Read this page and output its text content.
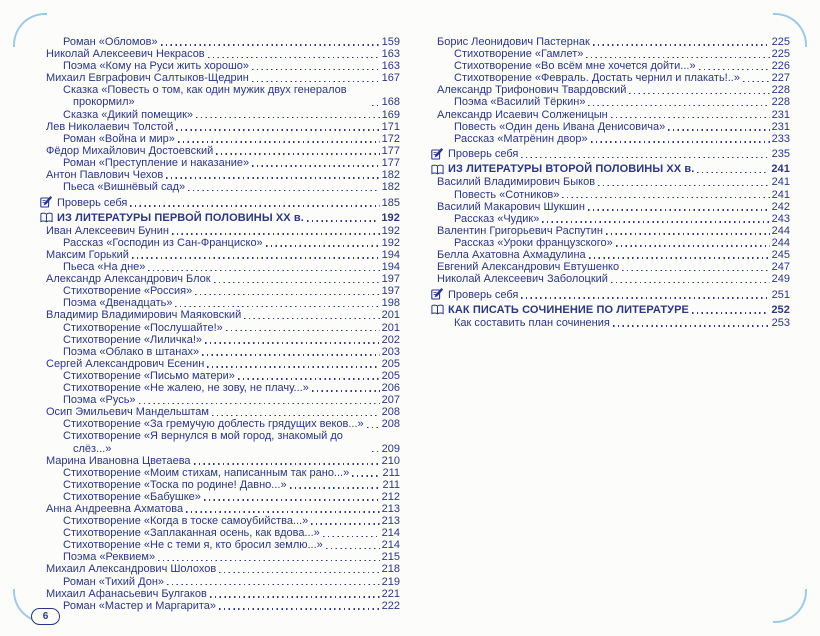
Роман «Обломов»	159
Николай Алексеевич Некрасов	163
Поэма «Кому на Руси жить хорошо»	163
Михаил Евграфович Салтыков-Щедрин	167
Сказка «Повесть о том, как один мужик двух генералов прокормил»	168
Сказка «Дикий помещик»	169
Лев Николаевич Толстой	171
Роман «Война и мир»	172
Фёдор Михайлович Достоевский	177
Роман «Преступление и наказание»	177
Антон Павлович Чехов	182
Пьеса «Вишнёвый сад»	182
Проверь себя	185
ИЗ ЛИТЕРАТУРЫ ПЕРВОЙ ПОЛОВИНЫ XX в.	192
Иван Алексеевич Бунин	192
Рассказ «Господин из Сан-Франциско»	192
Максим Горький	194
Пьеса «На дне»	194
Александр Александрович Блок	197
Стихотворение «Россия»	197
Поэма «Двенадцать»	198
Владимир Владимирович Маяковский	201
Стихотворение «Послушайте!»	201
Стихотворение «Лиличка!»	202
Поэма «Облако в штанах»	203
Сергей Александрович Есенин	205
Стихотворение «Письмо матери»	205
Стихотворение «Не жалею, не зову, не плачу...»	206
Поэма «Русь»	207
Осип Эмильевич Мандельштам	208
Стихотворение «За гремучую доблесть грядущих веков...» 208
Стихотворение «Я вернулся в мой город, знакомый до слёз...»	209
Марина Ивановна Цветаева	210
Стихотворение «Моим стихам, написанным так рано...»	211
Стихотворение «Тоска по родине! Давно...»	211
Стихотворение «Бабушке»	212
Анна Андреевна Ахматова	213
Стихотворение «Когда в тоске самоубийства...»	213
Стихотворение «Заплаканная осень, как вдова...»	214
Стихотворение «Не с теми я, кто бросил землю...»	214
Поэма «Реквием»	215
Михаил Александрович Шолохов	218
Роман «Тихий Дон»	219
Михаил Афанасьевич Булгаков	221
Роман «Мастер и Маргарита»	222
Борис Леонидович Пастернак	225
Стихотворение «Гамлет»	225
Стихотворение «Во всём мне хочется дойти...»	226
Стихотворение «Февраль. Достать чернил и плакать!..»	227
Александр Трифонович Твардовский	228
Поэма «Василий Тёркин»	228
Александр Исаевич Солженицын	231
Повесть «Один день Ивана Денисовича»	231
Рассказ «Матрёнин двор»	233
Проверь себя	235
ИЗ ЛИТЕРАТУРЫ ВТОРОЙ ПОЛОВИНЫ XX в.	241
Василий Владимирович Быков	241
Повесть «Сотников»	241
Василий Макарович Шукшин	242
Рассказ «Чудик»	243
Валентин Григорьевич Распутин	244
Рассказ «Уроки французского»	244
Белла Ахатовна Ахмадулина	245
Евгений Александрович Евтушенко	247
Николай Алексеевич Заболоцкий	249
Проверь себя	251
КАК ПИСАТЬ СОЧИНЕНИЕ ПО ЛИТЕРАТУРЕ	252
Как составить план сочинения	253
6
